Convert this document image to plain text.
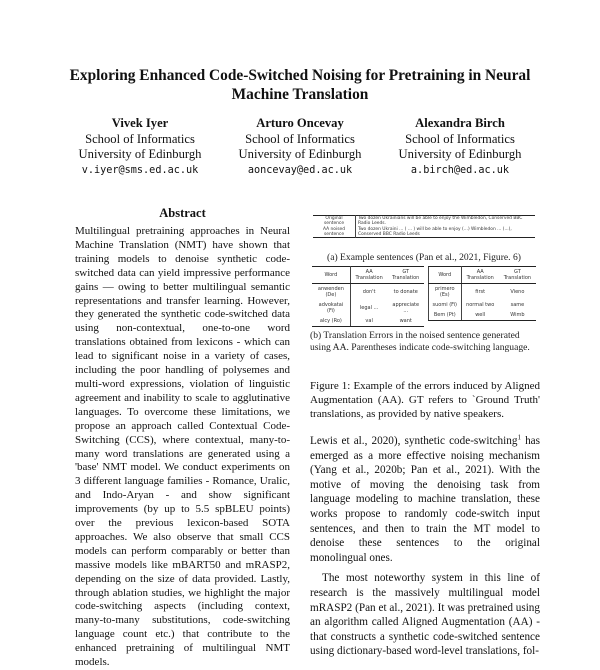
Exploring Enhanced Code-Switched Noising for Pretraining in Neural Machine Translation
Vivek Iyer
School of Informatics
University of Edinburgh
v.iyer@sms.ed.ac.uk
Arturo Oncevay
School of Informatics
University of Edinburgh
aoncevay@ed.ac.uk
Alexandra Birch
School of Informatics
University of Edinburgh
a.birch@ed.ac.uk
Abstract

Multilingual pretraining approaches in Neural Machine Translation (NMT) have shown that training models to denoise synthetic code-switched data can yield impressive performance gains — owing to better multilingual semantic representations and transfer learning. However, they generated the synthetic code-switched data using non-contextual, one-to-one word translations obtained from lexicons - which can lead to significant noise in a variety of cases, including the poor handling of polysemes and multi-word expressions, violation of linguistic agreement and inability to scale to agglutinative languages. To overcome these limitations, we propose an approach called Contextual Code-Switching (CCS), where contextual, many-to-many word translations are generated using a 'base' NMT model. We conduct experiments on 3 different language families - Romance, Uralic, and Indo-Aryan - and show significant improvements (by up to 5.5 spBLEU points) over the previous lexicon-based SOTA approaches. We also observe that small CCS models can perform comparably or better than massive models like mBART50 and mRASP2, depending on the size of data provided. Lastly, through ablation studies, we highlight the major code-switching aspects (including context, many-to-many substitutions, code-switching language count etc.) that contribute to the enhanced pretraining of multilingual NMT models.

Original sentence	Two dozen Ukrainians will be able to enjoy the Wimbledon, Conserved BBC Radio Leeds.
AA noised sentence	Two dozen Ukraini ... ( ... ) will be able to enjoy (...) Wimbledon ... (...), Conserved BBC Radio Leeds
(a) Example sentences (Pan et al., 2021, Figure. 6)
Word	AA Translation	GT Translation
anwenden (De)	don't	to donate
advokatai (Fi)	legal ...	appreciate ...
alcy (Ro)	val	want
Word	AA Translation	GT Translation
primero (Es)	first	Vieno
suomi (Fi)	normal two	same
Bem (Pt)	well	Wimb
(b) Translation Errors in the noised sentence generated using AA. Parentheses indicate code-switching language.
Figure 1: Example of the errors induced by Aligned Augmentation (AA). GT refers to `Ground Truth' translations, as provided by native speakers.

Lewis et al., 2020), synthetic code-switching$^1$ has emerged as a more effective noising mechanism (Yang et al., 2020b; Pan et al., 2021). With the motive of moving the denoising task from language modeling to machine translation, these works propose to randomly code-switch input sentences, and then to train the MT model to denoise these sentences to the original monolingual ones.

The most noteworthy system in this line of research is the massively multilingual model mRASP2 (Pan et al., 2021). It was pretrained using an algorithm called Aligned Augmentation (AA) - that constructs a synthetic code-switched sentence using dictionary-based word-level translations, fol-
